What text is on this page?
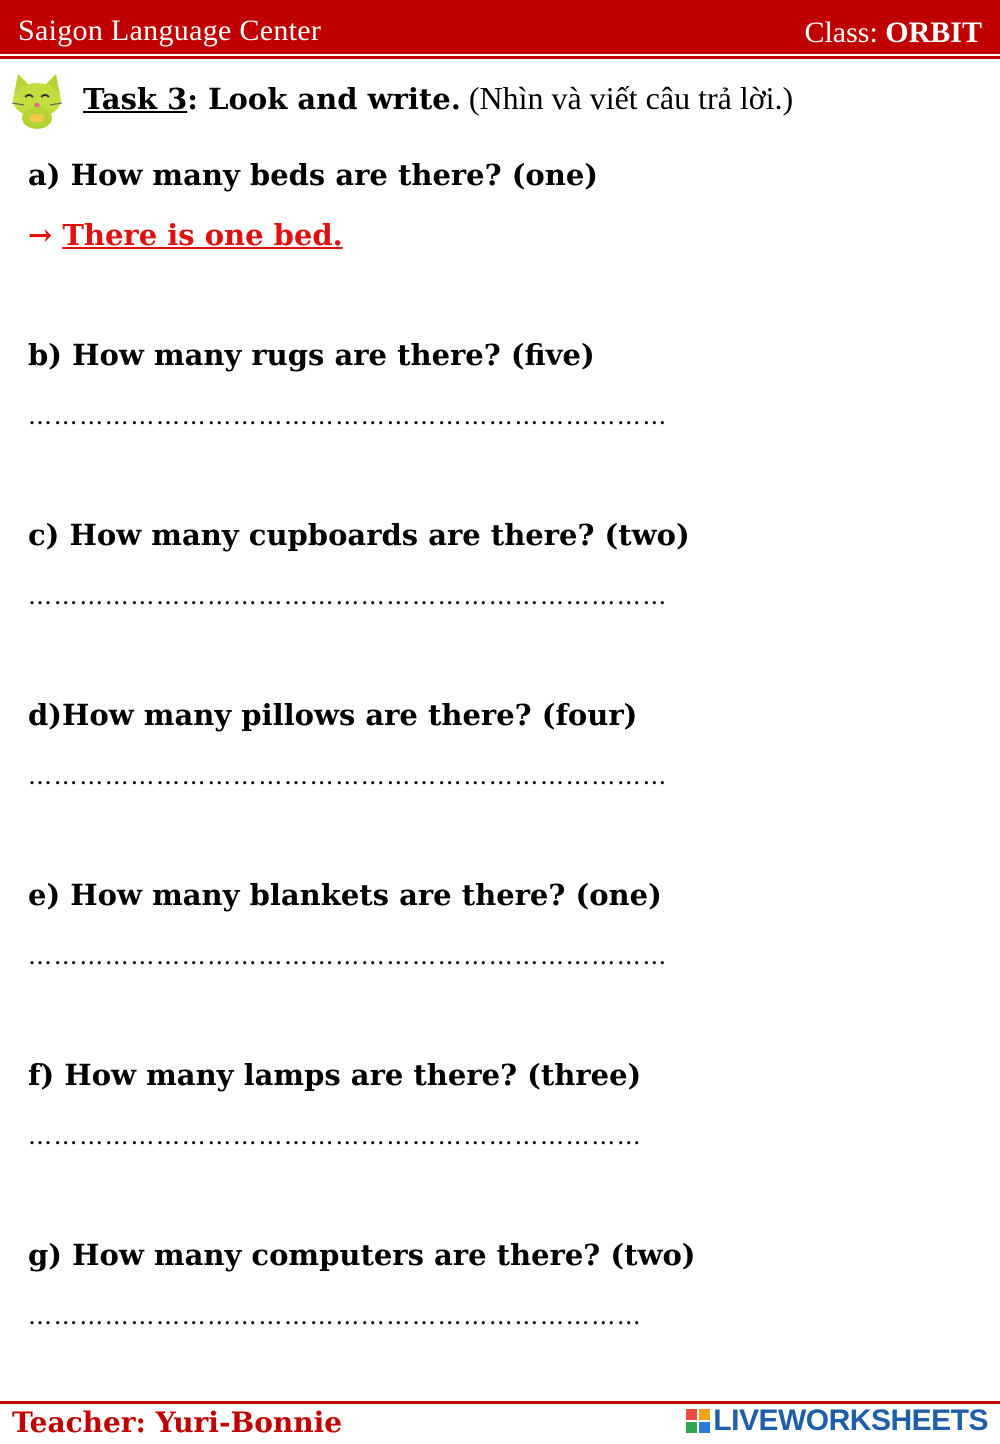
Saigon Language Center	Class: ORBIT
Task 3: Look and write. (Nhìn và viết câu trả lời.)
a) How many beds are there? (one)
→ There is one bed.
b) How many rugs are there? (five)
…………………………………………………………………
c) How many cupboards are there? (two)
…………………………………………………………………
d)How many pillows are there? (four)
…………………………………………………………………
e) How many blankets are there? (one)
…………………………………………………………………
f) How many lamps are there? (three)
………………………………………………………………
g) How many computers are there? (two)
………………………………………………………………
Teacher: Yuri-Bonnie	LIVEWORKSHEETS
